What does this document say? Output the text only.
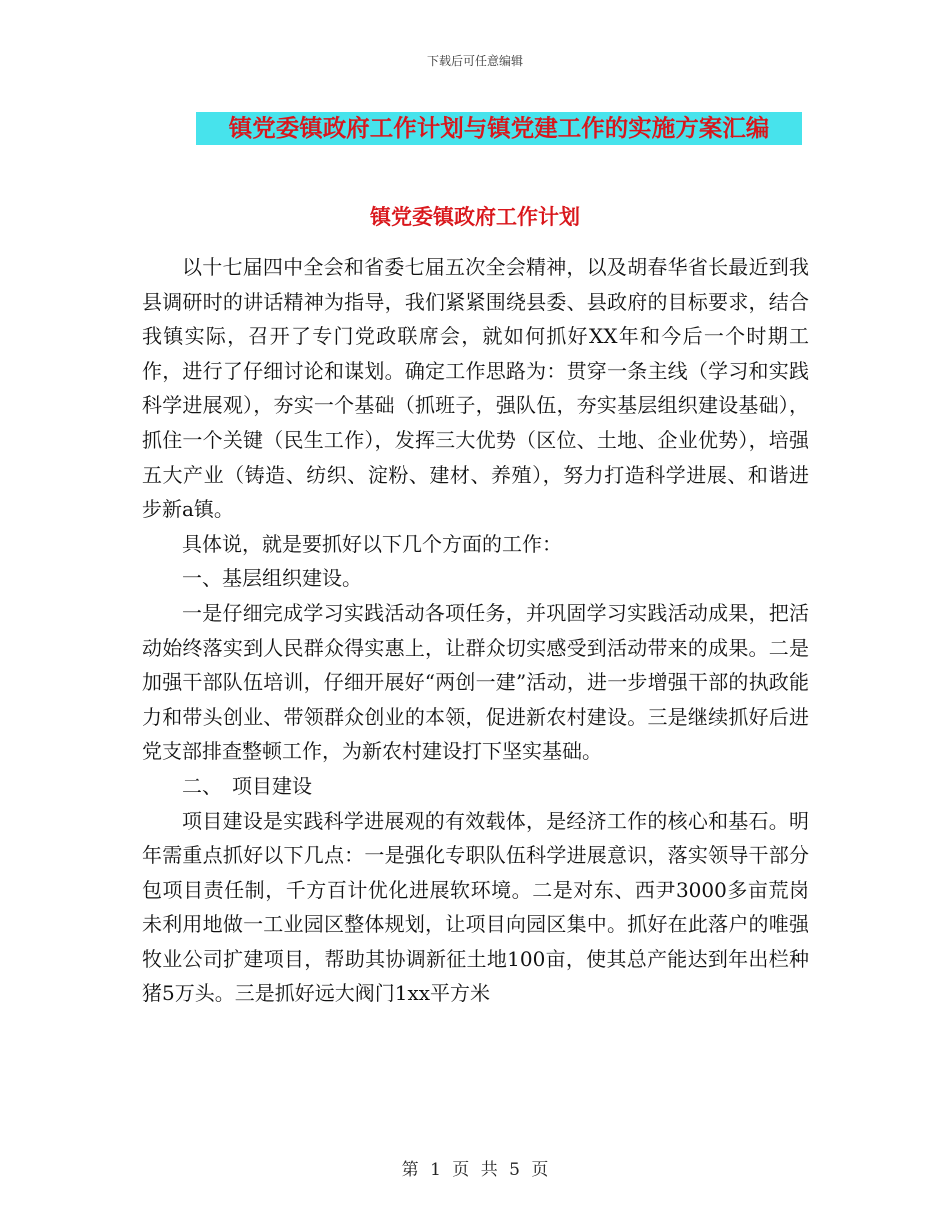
下载后可任意编辑
镇党委镇政府工作计划与镇党建工作的实施方案汇编
镇党委镇政府工作计划

以十七届四中全会和省委七届五次全会精神，以及胡春华省长最近到我县调研时的讲话精神为指导，我们紧紧围绕县委、县政府的目标要求，结合我镇实际，召开了专门党政联席会，就如何抓好XX年和今后一个时期工作，进行了仔细讨论和谋划。确定工作思路为：贯穿一条主线（学习和实践科学进展观），夯实一个基础（抓班子，强队伍，夯实基层组织建设基础），抓住一个关键（民生工作），发挥三大优势（区位、土地、企业优势），培强五大产业（铸造、纺织、淀粉、建材、养殖），努力打造科学进展、和谐进步新a镇。

具体说，就是要抓好以下几个方面的工作：

一、基层组织建设。

一是仔细完成学习实践活动各项任务，并巩固学习实践活动成果，把活动始终落实到人民群众得实惠上，让群众切实感受到活动带来的成果。二是加强干部队伍培训，仔细开展好“两创一建”活动，进一步增强干部的执政能力和带头创业、带领群众创业的本领，促进新农村建设。三是继续抓好后进党支部排查整顿工作，为新农村建设打下坚实基础。

二、　项目建设

项目建设是实践科学进展观的有效载体，是经济工作的核心和基石。明年需重点抓好以下几点：一是强化专职队伍科学进展意识，落实领导干部分包项目责任制，千方百计优化进展软环境。二是对东、西尹3000多亩荒岗未利用地做一工业园区整体规划，让项目向园区集中。抓好在此落户的唯强牧业公司扩建项目，帮助其协调新征土地100亩，使其总产能达到年出栏种猪5万头。三是抓好远大阀门1xx平方米

第 1 页 共 5 页
